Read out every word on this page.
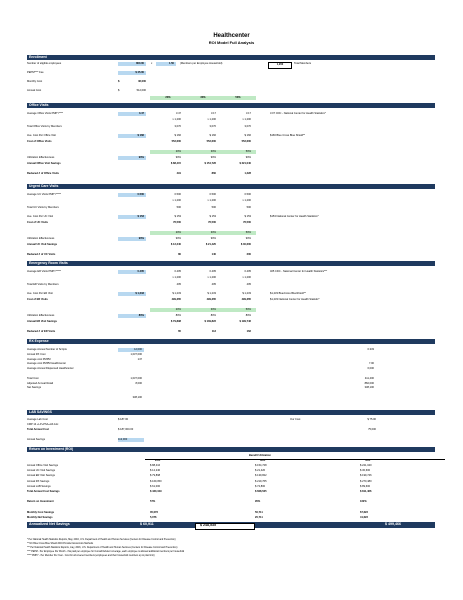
Healthcenter
ROI Model Full Analysis
Enrollment
Number of eligible employees	800.00	x	1.50 (Members per Employee Household)	1,200	Total Members
PEPM**** Fee	$ 45.00
Monthly Cost	$	36,000
Annual Cost	$	512,000
20%	30%	50%
Office Visits
Average Office Visits PMPY****	3.47	3.47	3.17	3.17	3.07 CDC - National Center for Health Statistics*
x 1,200	x 1,200	x 1,200
Total Office Visits by Members	3,070	3,070	3,070
Ave. Cost Per Office Visit	$ 166	$ 166	$ 166	$ 166	$166 Blue Cross Blue Shield**
Cost of Office Visits	552,600	552,600	552,600
20%	30%	50%
Utilization Effectiveness	90%	90%	90%	90%
Annual Office Visit Savings	$ 88,415	$ 154,726	$ 221,040
Reduced # of Office Visits	491	860	1,228
Urgent Care Visits
Average UC Visits PMPY*****	0.500	0.500	0.500	0.500
x 1,200	x 1,200	x 1,200
Total UC Visits by Members	500	500	500
Ave. Cost Per UC Visit	$ 153	$ 153	$ 153	$ 153	$153 National Center for Health Statistics*
Cost of UC Visits	76,500	76,500	76,500
20%	30%	50%
Utilization Effectiveness	90%	90%	90%	90%
Annual UC Visit Savings	$ 12,240	$ 21,420	$ 30,600
Reduced # of UC Visits	80	140	200
Emergency Room Visits
Average ER Visits PMPY*****	0.405	0.405	0.405	0.405	405 CDC - National Center for Health Statistics***
x 1,200	x 1,200	x 1,200
Total ER Visits by Members	405	405	405
Ave. Cost Per ER Visit	$ 1,233	$ 1,233	$ 1,233	$ 1,233	$1,233 BlueCross BlueShield**
Cost of ER Visits	499,365	499,365	499,365	$1,233 National Center for Health Statistic*
20%	30%	50%
Utilization Effectiveness	80%	80%	80%	80%
Annual ER Visit Savings	$ 79,898	$ 139,822	$ 199,746
Reduced # of ER Visits	65	113	162
RX Expense
Average Annual Number of Scripts	12,000	0.333
Annual RX Cost	1,037,000
Average cost PMPM	147
Average cost PMPM Healthcenter	7.00
Average Annual Dispensed Healthcenter	6,000
Total Cost	1,037,000	411,400
Adjusted Annual Retail	8,000	882,000
Net Savings	338,100
338,100
LAB SAVINGS
Average Lab Cost	$ 187.00	Our Cost	$ 75.00
CMP 14 +LP+PSA+Hb A1c
Total Annual Cost	$ 187,000.00	75,000
Annual Savings	112,000
Return on Investment (ROI)
Benefit Utilization
20%	30%	50%
Annual Office Visit Savings	$ 88,416	$ 154,728	$ 221,040
Annual UC Visit Savings	$ 12,240	$ 21,420	$ 30,600
Annual ER Visit Savings	$ 79,898	$ 139,822	$ 199,746
Annual RX Savings	$ 169,050	$ 219,765	$ 270,480
Annual LAB Savings	$ 61,000	$ 72,800	$ 89,600
Total Annual Cost Savings	$ 420,109	$ 608,535	$ 811,466
Return on Investment	57%	95%	162%
Monthly Cost Savings	35,076	50,711	67,622
Monthly Net Savings	5,076	20,711	41,622
Annualized Net Savings	$ 60,911	$ 248,535	$ 499,466
* Per National Health Statistics Reports, May, 2016, U.S. Department of Health and Human Services (Centers for Disease Control and Prevention)
** NC Blue Cross Blue Shield 2016 Provider Economics Methods
*** Per National Health Statistics Reports, may, 2016, U.S. Department of Health and Human Services (Centers for Disease Control and Prevention)
**** PEPM - Per Employee Per Month - this paid per employee for Consult/Advisor coverage, each employee is allowed additional members per household
***** PMPY - Per Member Per Year - Cost for all covered members (employees and their household members up to plan limit)
